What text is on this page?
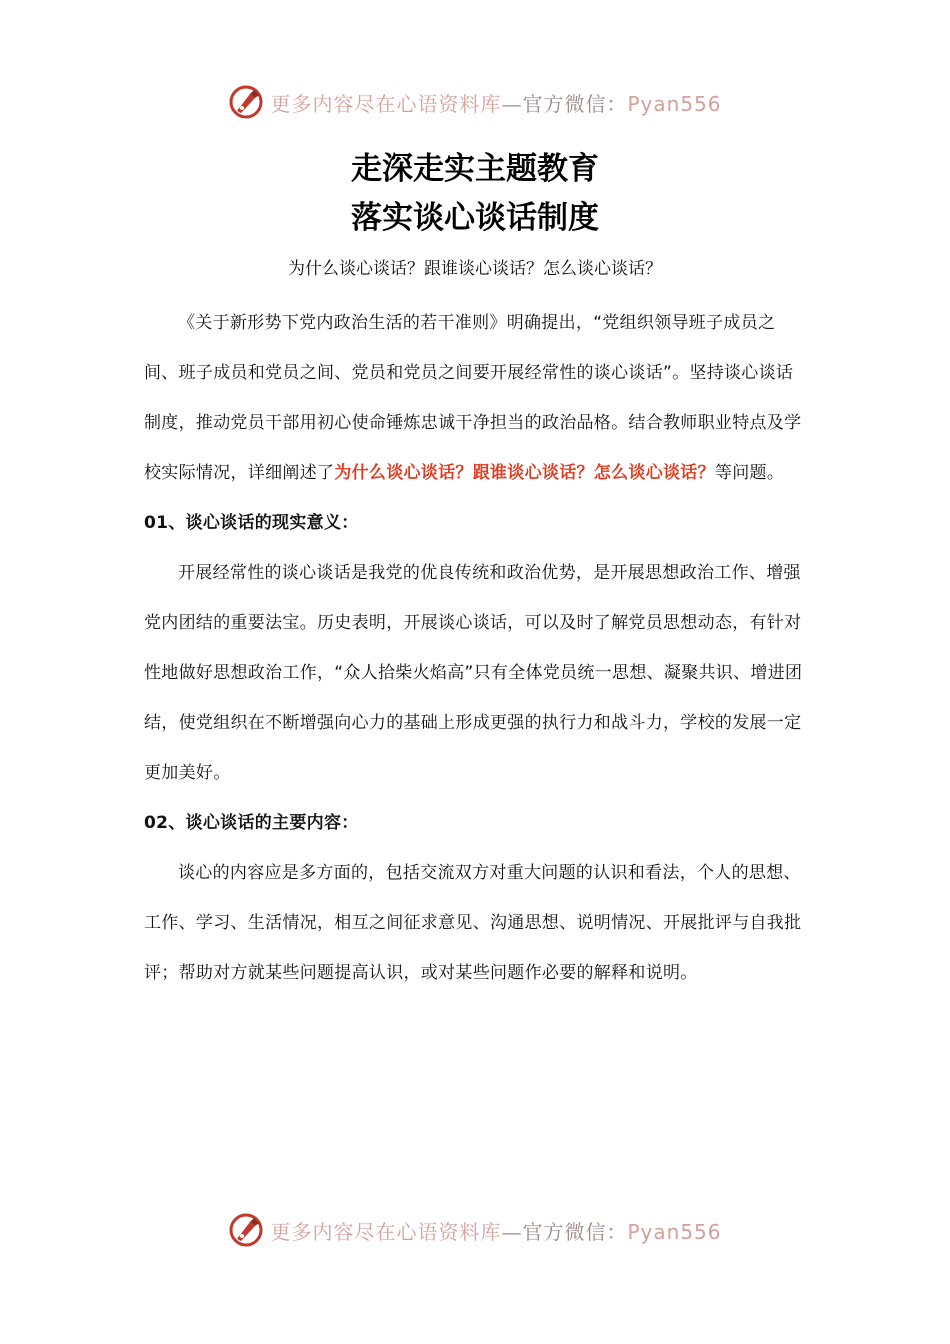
更多内容尽在心语资料库—官方微信：Pyan556
走深走实主题教育
落实谈心谈话制度

为什么谈心谈话？跟谁谈心谈话？怎么谈心谈话？

《关于新形势下党内政治生活的若干准则》明确提出，“党组织领导班子成员之间、班子成员和党员之间、党员和党员之间要开展经常性的谈心谈话”。坚持谈心谈话制度，推动党员干部用初心使命锤炼忠诚干净担当的政治品格。结合教师职业特点及学校实际情况，详细阐述了为什么谈心谈话？跟谁谈心谈话？怎么谈心谈话？等问题。

01、谈心谈话的现实意义：

开展经常性的谈心谈话是我党的优良传统和政治优势，是开展思想政治工作、增强党内团结的重要法宝。历史表明，开展谈心谈话，可以及时了解党员思想动态，有针对性地做好思想政治工作，“众人拾柴火焰高”只有全体党员统一思想、凝聚共识、增进团结，使党组织在不断增强向心力的基础上形成更强的执行力和战斗力，学校的发展一定更加美好。

02、谈心谈话的主要内容：

谈心的内容应是多方面的，包括交流双方对重大问题的认识和看法，个人的思想、工作、学习、生活情况，相互之间征求意见、沟通思想、说明情况、开展批评与自我批评；帮助对方就某些问题提高认识，或对某些问题作必要的解释和说明。

更多内容尽在心语资料库—官方微信：Pyan556
